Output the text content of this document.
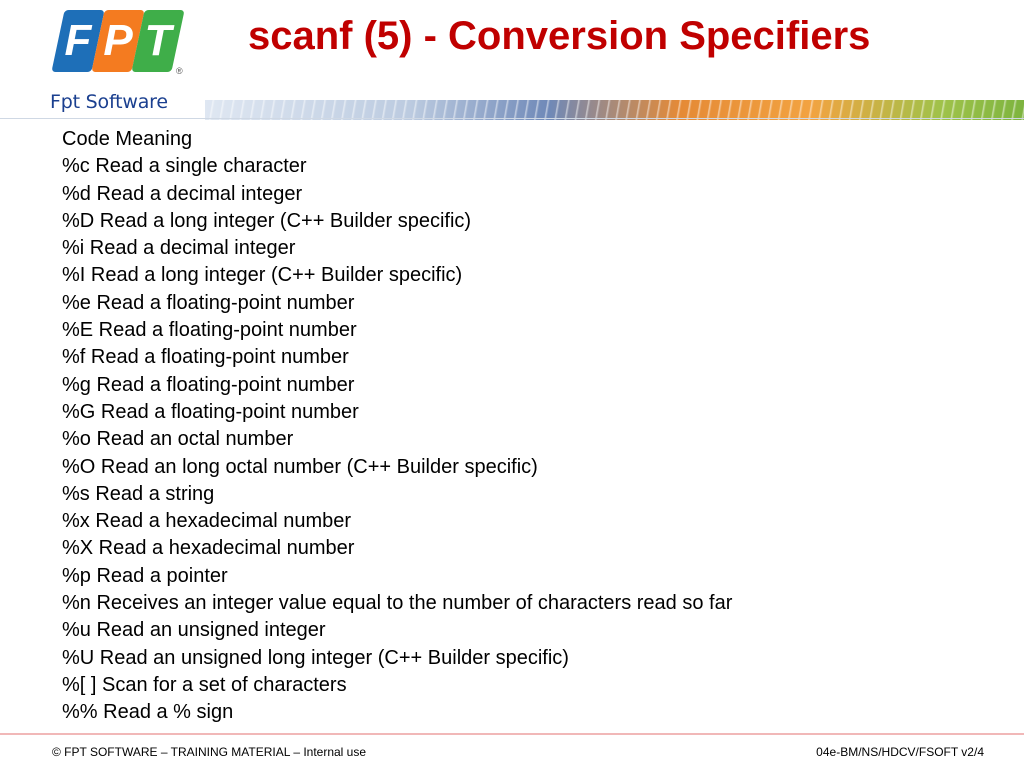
F P T
®
Fpt Software
scanf (5) - Conversion Specifiers
Code Meaning
%c Read a single character
%d Read a decimal integer
%D Read a long integer (C++ Builder specific)
%i Read a decimal integer
%I Read a long integer (C++ Builder specific)
%e Read a floating-point number
%E Read a floating-point number
%f Read a floating-point number
%g Read a floating-point number
%G Read a floating-point number
%o Read an octal number
%O Read an long octal number (C++ Builder specific)
%s Read a string
%x Read a hexadecimal number
%X Read a hexadecimal number
%p Read a pointer
%n Receives an integer value equal to the number of characters read so far
%u Read an unsigned integer
%U Read an unsigned long integer (C++ Builder specific)
%[ ] Scan for a set of characters
%% Read a % sign
© FPT SOFTWARE – TRAINING MATERIAL – Internal use	04e-BM/NS/HDCV/FSOFT v2/4
